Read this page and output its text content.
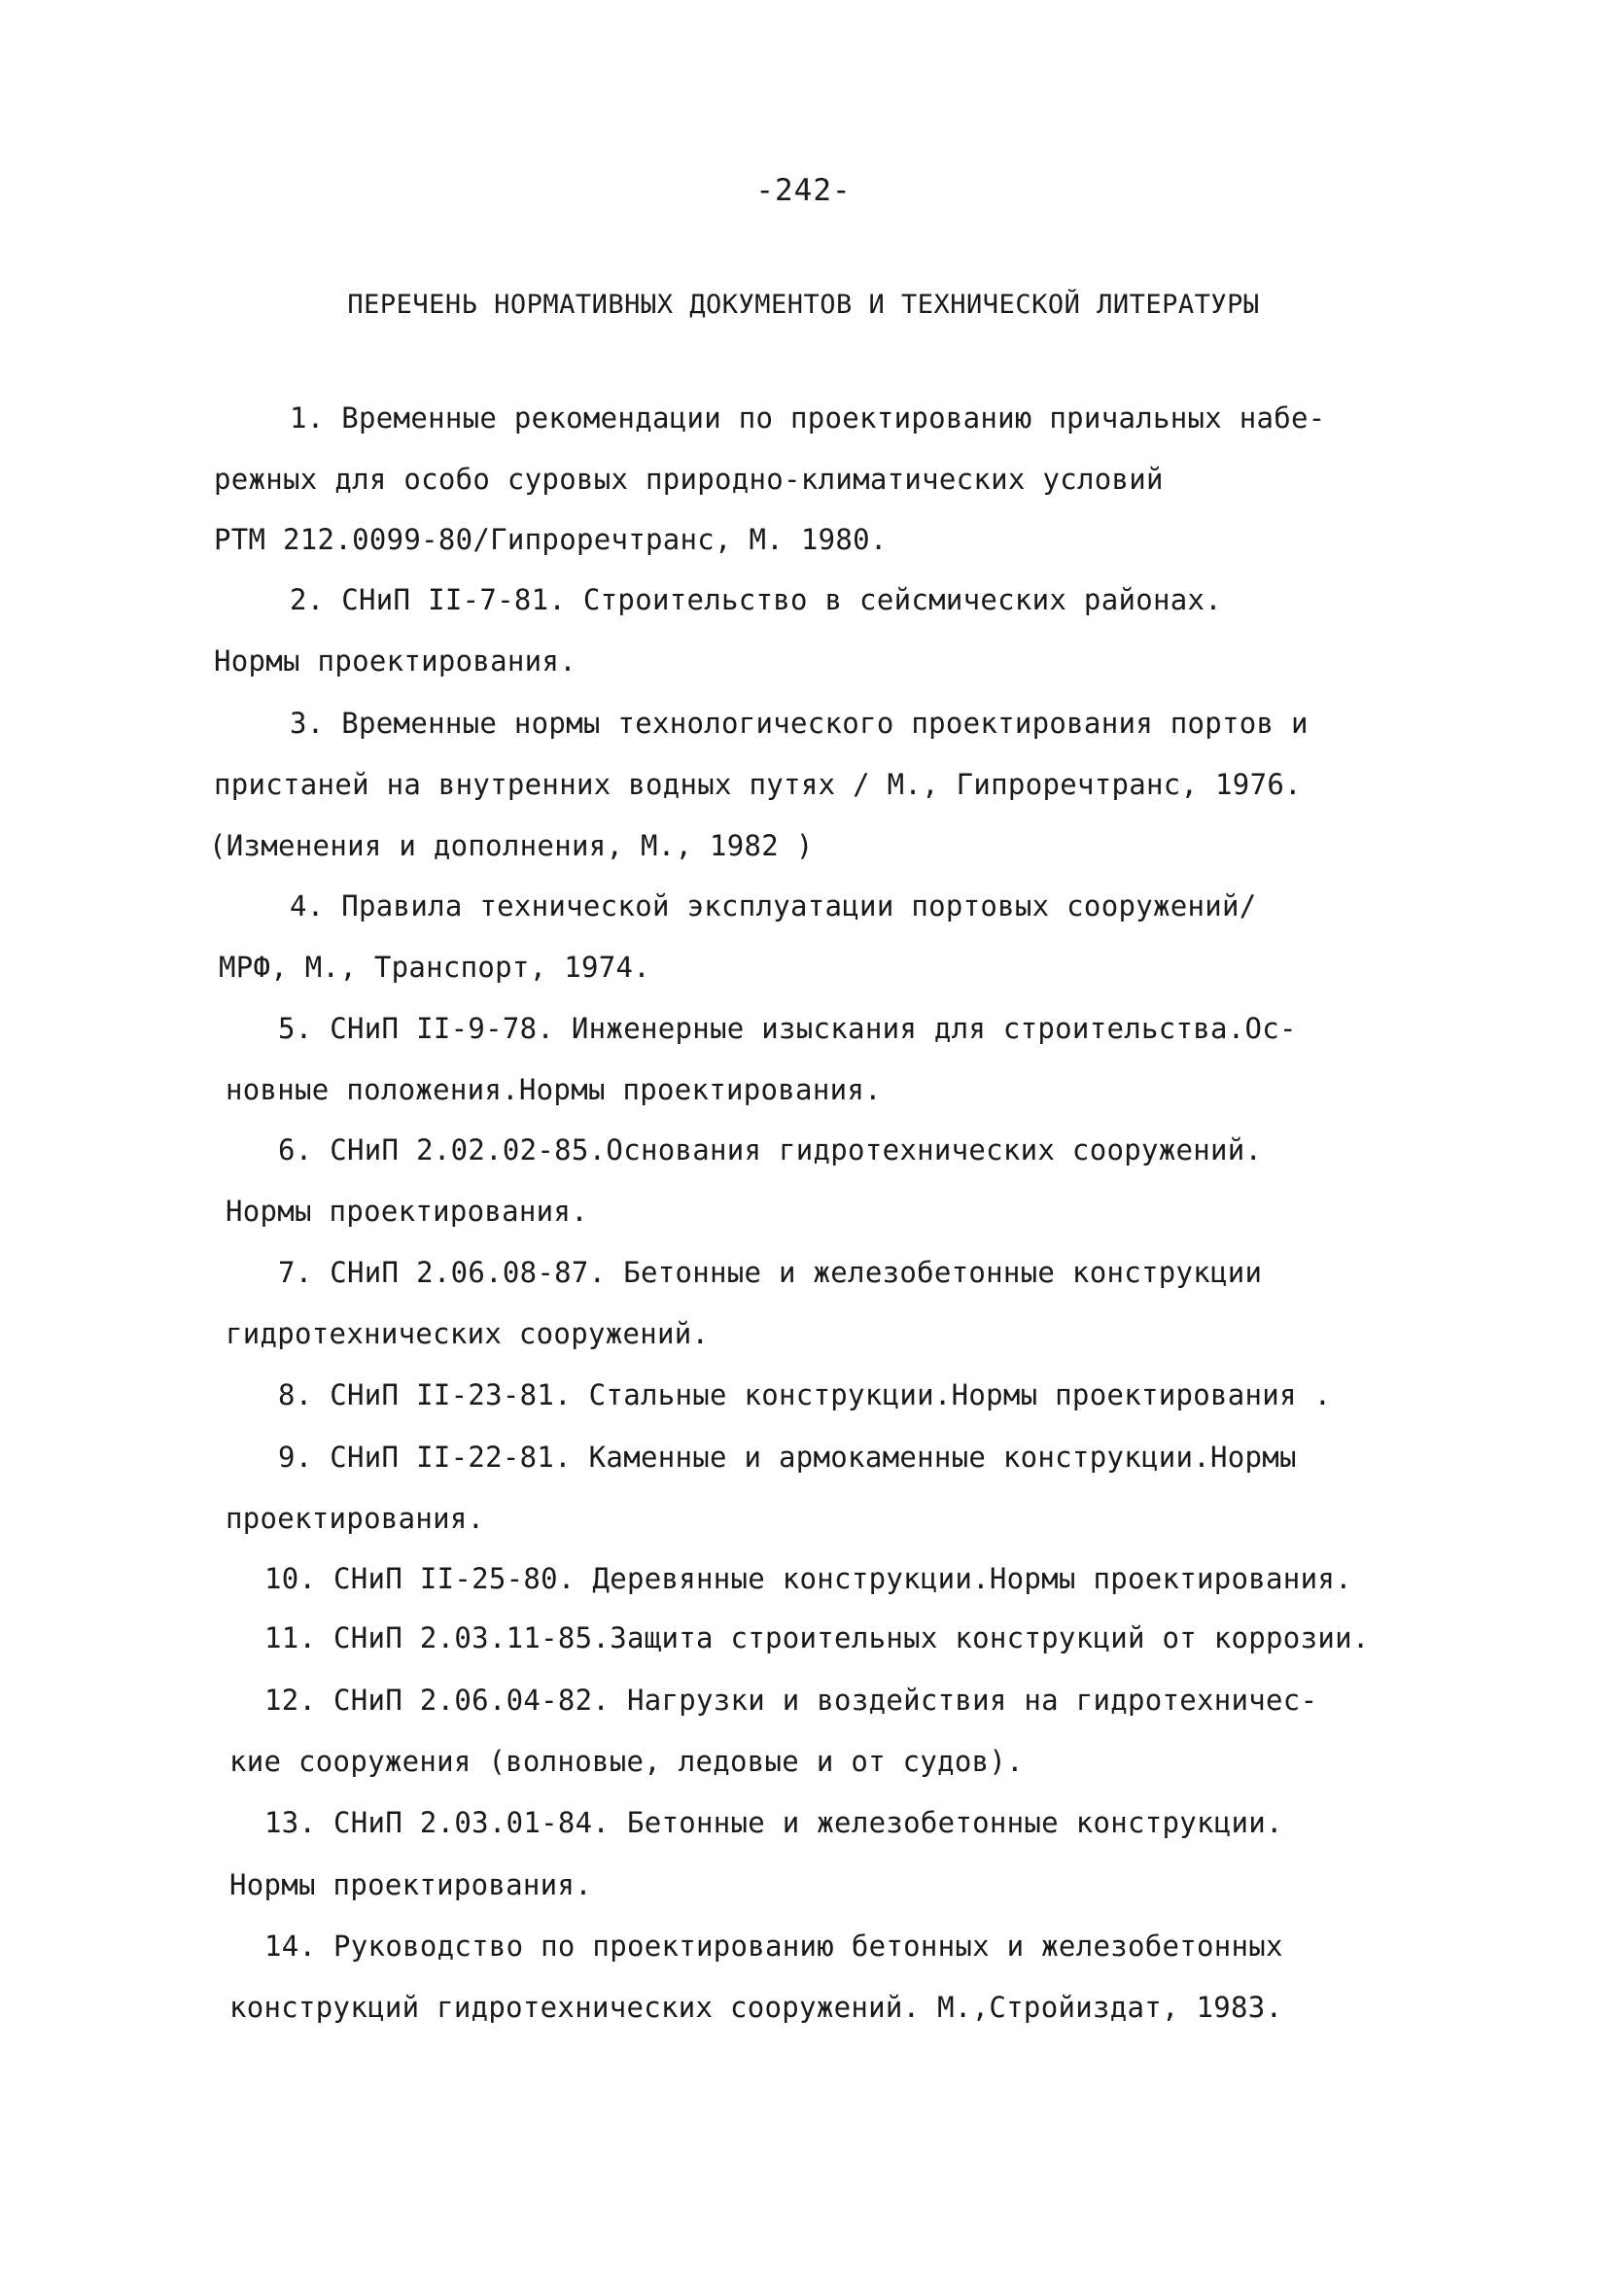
-242-
ПЕРЕЧЕНЬ НОРМАТИВНЫХ ДОКУМЕНТОВ И ТЕХНИЧЕСКОЙ ЛИТЕРАТУРЫ
1. Временные рекомендации по проектированию причальных набе-
режных для особо суровых природно-климатических условий
РТМ 212.0099-80/Гипроречтранс, М. 1980.
2. СНиП II-7-81. Строительство в сейсмических районах.
Нормы проектирования.
3. Временные нормы технологического проектирования портов и
пристаней на внутренних водных путях / М., Гипроречтранс, 1976.
(Изменения и дополнения, М., 1982 )
4. Правила технической эксплуатации портовых сооружений/
МРФ, М., Транспорт, 1974.
5. СНиП II-9-78. Инженерные изыскания для строительства.Ос-
новные положения.Нормы проектирования.
6. СНиП 2.02.02-85.Основания гидротехнических сооружений.
Нормы проектирования.
7. СНиП 2.06.08-87. Бетонные и железобетонные конструкции
гидротехнических сооружений.
8. СНиП II-23-81. Стальные конструкции.Нормы проектирования .
9. СНиП II-22-81. Каменные и армокаменные конструкции.Нормы
проектирования.
10. СНиП II-25-80. Деревянные конструкции.Нормы проектирования.
11. СНиП 2.03.11-85.Защита строительных конструкций от коррозии.
12. СНиП 2.06.04-82. Нагрузки и воздействия на гидротехничес-
кие сооружения (волновые, ледовые и от судов).
13. СНиП 2.03.01-84. Бетонные и железобетонные конструкции.
Нормы проектирования.
14. Руководство по проектированию бетонных и железобетонных
конструкций гидротехнических сооружений. М.,Стройиздат, 1983.
